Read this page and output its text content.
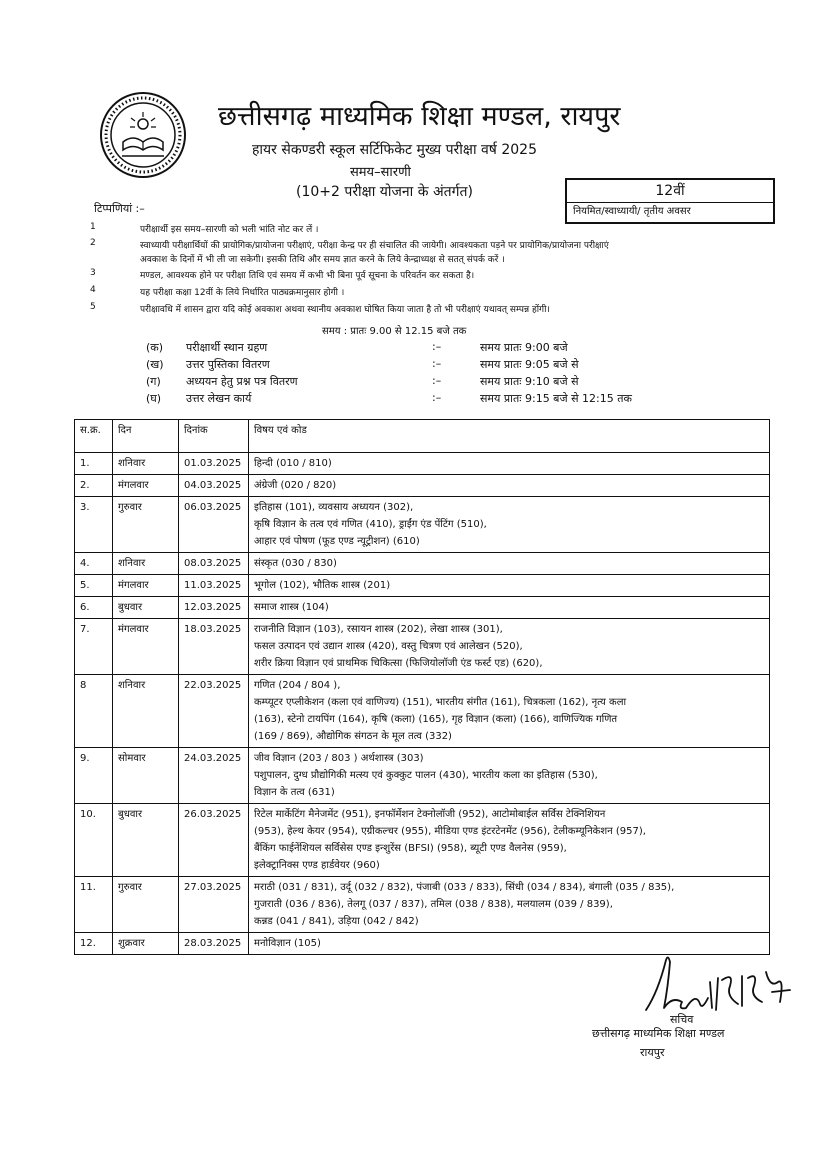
छत्तीसगढ़ माध्यमिक शिक्षा मण्डल, रायपुर
हायर सेकण्डरी स्कूल सर्टिफिकेट मुख्य परीक्षा वर्ष 2025
समय–सारणी
(10+2 परीक्षा योजना के अंतर्गत)	12वीं
नियमित/स्वाध्यायी/ तृतीय अवसर
टिप्पणियां :–
1	परीक्षार्थी इस समय–सारणी को भली भांति नोट कर लें ।
2	स्वाध्यायी परीक्षार्थियों की प्रायोगिक/प्रायोजना परीक्षाएं, परीक्षा केन्द्र पर ही संचालित की जायेगी। आवश्यकता पड़ने पर प्रायोगिक/प्रायोजना परीक्षाएं
अवकाश के दिनों में भी ली जा सकेगी। इसकी तिथि और समय ज्ञात करने के लिये केन्द्राध्यक्ष से सतत् संपर्क करें ।
3	मण्डल, आवश्यक होने पर परीक्षा तिथि एवं समय में कभी भी बिना पूर्व सूचना के परिवर्तन कर सकता है।
4	यह परीक्षा कक्षा 12वीं के लिये निर्धारित पाठ्यक्रमानुसार होगी ।
5	परीक्षावधि में शासन द्वारा यदि कोई अवकाश अथवा स्थानीय अवकाश घोषित किया जाता है तो भी परीक्षाएं यथावत् सम्पन्न होंगी।
समय : प्रातः 9.00 से 12.15 बजे तक
(क) परीक्षार्थी स्थान ग्रहण	:–	समय प्रातः 9:00 बजे
(ख) उत्तर पुस्तिका वितरण	:–	समय प्रातः 9:05 बजे से
(ग) अध्ययन हेतु प्रश्न पत्र वितरण	:–	समय प्रातः 9:10 बजे से
(घ) उत्तर लेखन कार्य	:–	समय प्रातः 9:15 बजे से 12:15 तक
स.क्र.	दिन	दिनांक	विषय एवं कोड
1.	शनिवार	01.03.2025	हिन्दी (010 / 810)
2.	मंगलवार	04.03.2025	अंग्रेजी (020 / 820)
3.	गुरुवार	06.03.2025	इतिहास (101), व्यवसाय अध्ययन (302),
कृषि विज्ञान के तत्व एवं गणित (410), ड्राईंग एंड पेंटिंग (510),
आहार एवं पोषण (फूड एण्ड न्यूट्रीशन) (610)
4.	शनिवार	08.03.2025	संस्कृत (030 / 830)
5.	मंगलवार	11.03.2025	भूगोल (102), भौतिक शास्त्र (201)
6.	बुधवार	12.03.2025	समाज शास्त्र (104)
7.	मंगलवार	18.03.2025	राजनीति विज्ञान (103), रसायन शास्त्र (202), लेखा शास्त्र (301),
फसल उत्पादन एवं उद्यान शास्त्र (420), वस्तु चित्रण एवं आलेखन (520),
शरीर क्रिया विज्ञान एवं प्राथमिक चिकित्सा (फिजियोलॉजी एंड फर्स्ट एड) (620),
8	शनिवार	22.03.2025	गणित (204 / 804 ),
कम्प्यूटर एप्लीकेशन (कला एवं वाणिज्य) (151), भारतीय संगीत (161), चित्रकला (162), नृत्य कला
(163), स्टेनो टायपिंग (164), कृषि (कला) (165), गृह विज्ञान (कला) (166), वाणिज्यिक गणित
(169 / 869), औद्योगिक संगठन के मूल तत्व (332)
9.	सोमवार	24.03.2025	जीव विज्ञान (203 / 803 ) अर्थशास्त्र (303)
पशुपालन, दुग्ध प्रौद्योगिकी मत्स्य एवं कुक्कुट पालन (430), भारतीय कला का इतिहास (530),
विज्ञान के तत्व (631)
10.	बुधवार	26.03.2025	रिटेल मार्केटिंग मैनेजमेंट (951), इनफॉर्मेशन टेक्नोलॉजी (952), आटोमोबाईल सर्विस टेक्निशियन
(953), हेल्थ केयर (954), एग्रीकल्चर (955), मीडिया एण्ड इंटरटेनमेंट (956), टेलीकम्यूनिकेशन (957),
बैंकिंग फाईनेंशियल सर्विसेस एण्ड इन्शुरेंस (BFSI) (958), ब्यूटी एण्ड वैलनेस (959),
इलेक्ट्रानिक्स एण्ड हार्डवेयर (960)
11.	गुरुवार	27.03.2025	मराठी (031 / 831), उर्दू (032 / 832), पंजाबी (033 / 833), सिंधी (034 / 834), बंगाली (035 / 835),
गुजराती (036 / 836), तेलगू (037 / 837), तमिल (038 / 838), मलयालम (039 / 839),
कन्नड (041 / 841), उड़िया (042 / 842)
12.	शुक्रवार	28.03.2025	मनोविज्ञान (105)
सचिव
छत्तीसगढ़ माध्यमिक शिक्षा मण्डल
रायपुर
